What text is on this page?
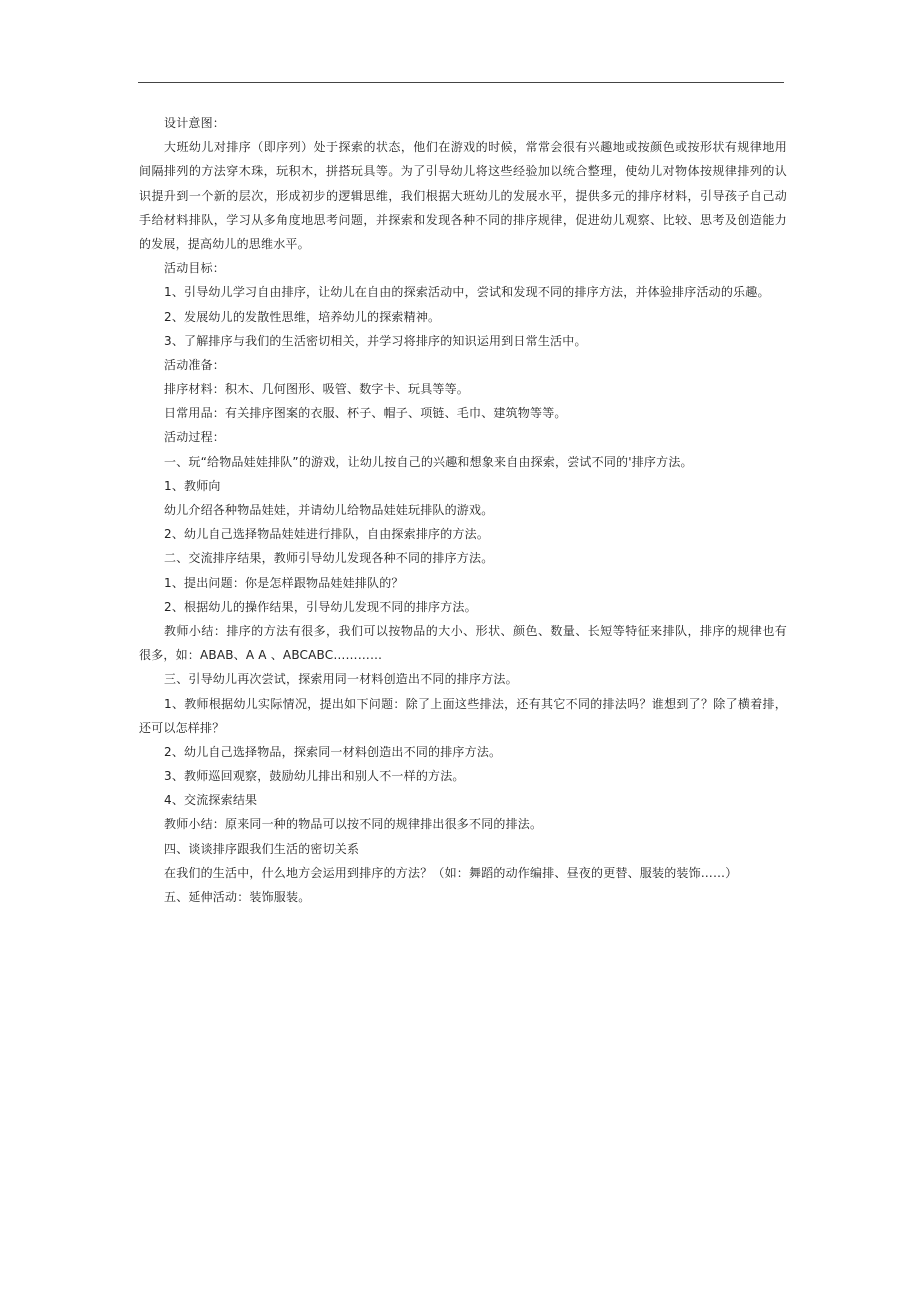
设计意图：
大班幼儿对排序（即序列）处于探索的状态，他们在游戏的时候，常常会很有兴趣地或按颜色或按形状有规律地用
间隔排列的方法穿木珠，玩积木，拼搭玩具等。为了引导幼儿将这些经验加以统合整理，使幼儿对物体按规律排列的认
识提升到一个新的层次，形成初步的逻辑思维，我们根据大班幼儿的发展水平，提供多元的排序材料，引导孩子自己动
手给材料排队，学习从多角度地思考问题，并探索和发现各种不同的排序规律，促进幼儿观察、比较、思考及创造能力
的发展，提高幼儿的思维水平。
活动目标：
1、引导幼儿学习自由排序，让幼儿在自由的探索活动中，尝试和发现不同的排序方法，并体验排序活动的乐趣。
2、发展幼儿的发散性思维，培养幼儿的探索精神。
3、了解排序与我们的生活密切相关，并学习将排序的知识运用到日常生活中。
活动准备：
排序材料：积木、几何图形、吸管、数字卡、玩具等等。
日常用品：有关排序图案的衣服、杯子、帽子、项链、毛巾、建筑物等等。
活动过程：
一、玩“给物品娃娃排队”的游戏，让幼儿按自己的兴趣和想象来自由探索，尝试不同的'排序方法。
1、教师向
幼儿介绍各种物品娃娃，并请幼儿给物品娃娃玩排队的游戏。
2、幼儿自己选择物品娃娃进行排队，自由探索排序的方法。
二、交流排序结果，教师引导幼儿发现各种不同的排序方法。
1、提出问题：你是怎样跟物品娃娃排队的？
2、根据幼儿的操作结果，引导幼儿发现不同的排序方法。
教师小结：排序的方法有很多，我们可以按物品的大小、形状、颜色、数量、长短等特征来排队，排序的规律也有
很多，如：ABAB、A A 、ABCABC…………
三、引导幼儿再次尝试，探索用同一材料创造出不同的排序方法。
1、教师根据幼儿实际情况，提出如下问题：除了上面这些排法，还有其它不同的排法吗？谁想到了？除了横着排，
还可以怎样排？
2、幼儿自己选择物品，探索同一材料创造出不同的排序方法。
3、教师巡回观察，鼓励幼儿排出和别人不一样的方法。
4、交流探索结果
教师小结：原来同一种的物品可以按不同的规律排出很多不同的排法。
四、谈谈排序跟我们生活的密切关系
在我们的生活中，什么地方会运用到排序的方法？（如：舞蹈的动作编排、昼夜的更替、服装的装饰……）
五、延伸活动：装饰服装。
